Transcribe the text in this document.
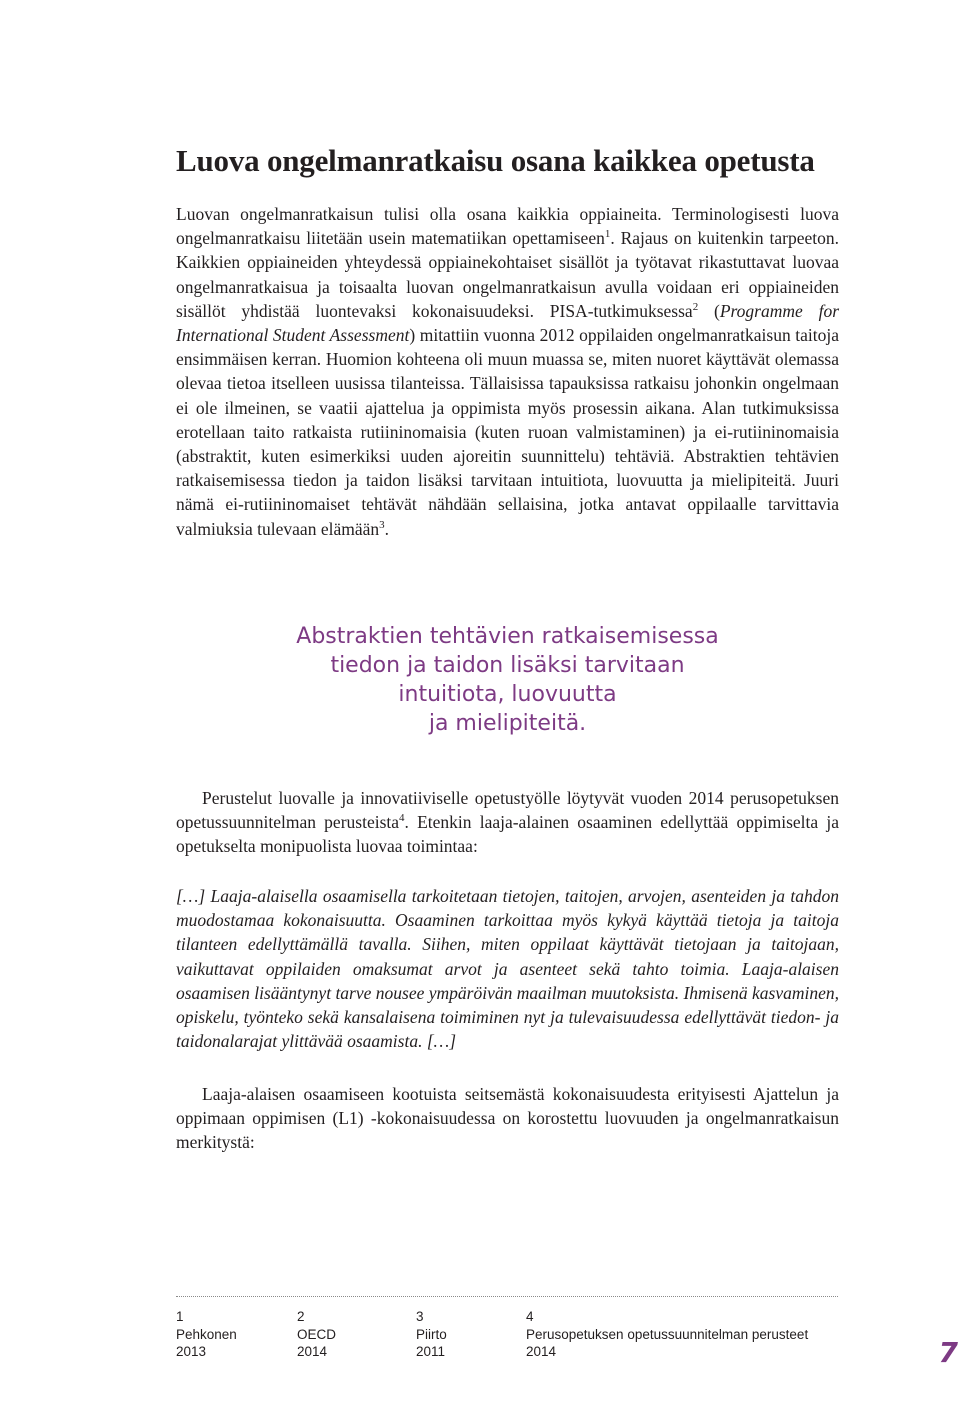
Luova ongelmanratkaisu osana kaikkea opetusta

Luovan ongelmanratkaisun tulisi olla osana kaikkia oppiaineita. Terminologisesti luova ongelmanratkaisu liitetään usein matematiikan opettamiseen$^1$. Rajaus on kuitenkin tarpeeton. Kaikkien oppiaineiden yhteydessä oppiainekohtaiset sisällöt ja työtavat rikastuttavat luovaa ongelmanratkaisua ja toisaalta luovan ongelmanratkaisun avulla voidaan eri oppiaineiden sisällöt yhdistää luontevaksi kokonaisuudeksi. PISA-tutkimuksessa$^2$ (Programme for International Student Assessment) mitattiin vuonna 2012 oppilaiden ongelmanratkaisun taitoja ensimmäisen kerran. Huomion kohteena oli muun muassa se, miten nuoret käyttävät olemassa olevaa tietoa itselleen uusissa tilanteissa. Tällaisissa tapauksissa ratkaisu johonkin ongelmaan ei ole ilmeinen, se vaatii ajattelua ja oppimista myös prosessin aikana. Alan tutkimuksissa erotellaan taito ratkaista rutiininomaisia (kuten ruoan valmistaminen) ja ei-rutiininomaisia (abstraktit, kuten esimerkiksi uuden ajoreitin suunnittelu) tehtäviä. Abstraktien tehtävien ratkaisemisessa tiedon ja taidon lisäksi tarvitaan intuitiota, luovuutta ja mielipiteitä. Juuri nämä ei-rutiininomaiset tehtävät nähdään sellaisina, jotka antavat oppilaalle tarvittavia valmiuksia tulevaan elämään$^3$.

Abstraktien tehtävien ratkaisemisessa
tiedon ja taidon lisäksi tarvitaan
intuitiota, luovuutta
ja mielipiteitä.

Perustelut luovalle ja innovatiiviselle opetustyölle löytyvät vuoden 2014 perusopetuksen opetussuunnitelman perusteista$^4$. Etenkin laaja-alainen osaaminen edellyttää oppimiselta ja opetukselta monipuolista luovaa toimintaa:

[…] Laaja-alaisella osaamisella tarkoitetaan tietojen, taitojen, arvojen, asenteiden ja tahdon muodostamaa kokonaisuutta. Osaaminen tarkoittaa myös kykyä käyttää tietoja ja taitoja tilanteen edellyttämällä tavalla. Siihen, miten oppilaat käyttävät tietojaan ja taitojaan, vaikuttavat oppilaiden omaksumat arvot ja asenteet sekä tahto toimia. Laaja-alaisen osaamisen lisääntynyt tarve nousee ympäröivän maailman muutoksista. Ihmisenä kasvaminen, opiskelu, työnteko sekä kansalaisena toimiminen nyt ja tulevaisuudessa edellyttävät tiedon- ja taidonalarajat ylittävää osaamista. […]

Laaja-alaisen osaamiseen kootuista seitsemästä kokonaisuudesta erityisesti Ajattelun ja oppimaan oppimisen (L1) -kokonaisuudessa on korostettu luovuuden ja ongelmanratkaisun merkitystä:

1
Pehkonen
2013
2
OECD
2014
3
Piirto
2011
4
Perusopetuksen opetussuunnitelman perusteet
2014	7
